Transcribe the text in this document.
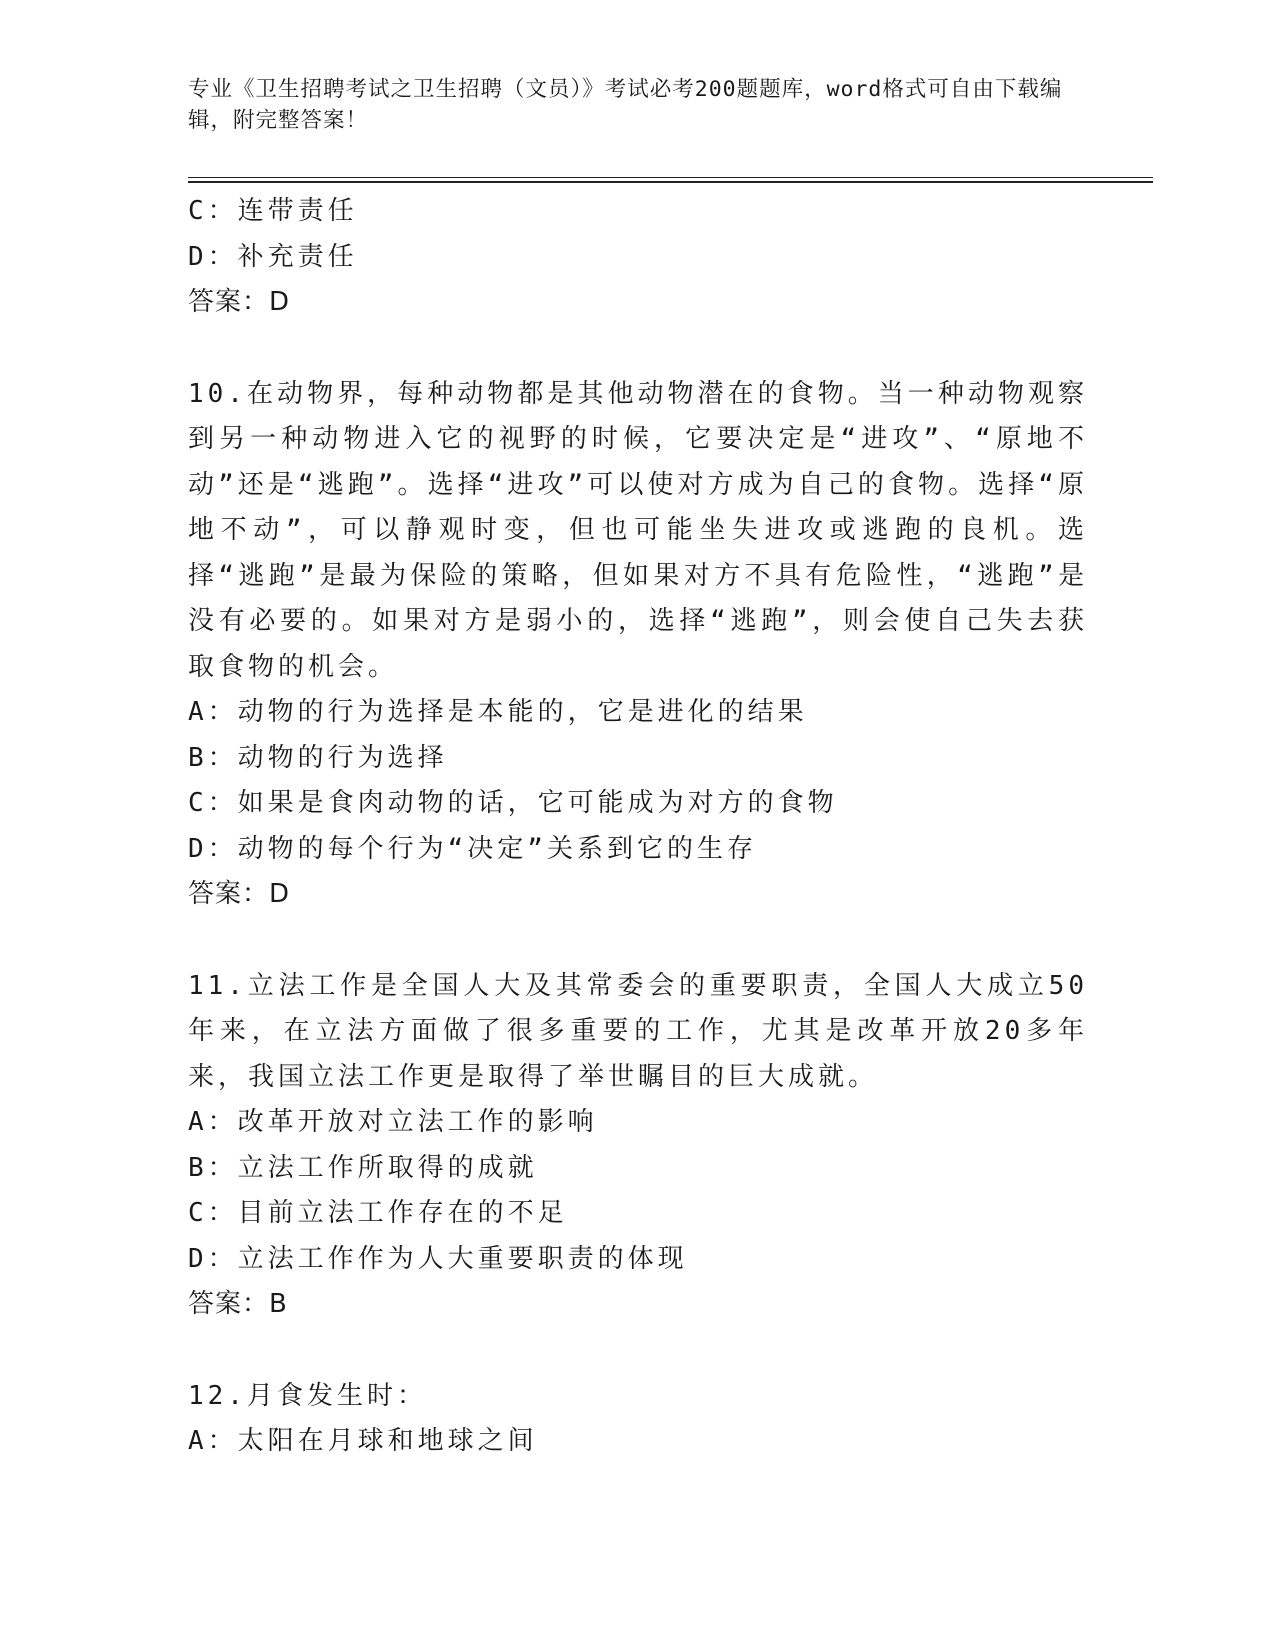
专业《卫生招聘考试之卫生招聘（文员）》考试必考200题题库，word格式可自由下载编辑，附完整答案！

C：连带责任

D：补充责任

答案：D

10.在动物界，每种动物都是其他动物潜在的食物。当一种动物观察到另一种动物进入它的视野的时候，它要决定是“进攻”、“原地不动”还是“逃跑”。选择“进攻”可以使对方成为自己的食物。选择“原地不动”，可以静观时变，但也可能坐失进攻或逃跑的良机。选择“逃跑”是最为保险的策略，但如果对方不具有危险性，“逃跑”是没有必要的。如果对方是弱小的，选择“逃跑”，则会使自己失去获取食物的机会。

A：动物的行为选择是本能的，它是进化的结果

B：动物的行为选择

C：如果是食肉动物的话，它可能成为对方的食物

D：动物的每个行为“决定”关系到它的生存

答案：D

11.立法工作是全国人大及其常委会的重要职责，全国人大成立50年来，在立法方面做了很多重要的工作，尤其是改革开放20多年来，我国立法工作更是取得了举世瞩目的巨大成就。

A：改革开放对立法工作的影响

B：立法工作所取得的成就

C：目前立法工作存在的不足

D：立法工作作为人大重要职责的体现

答案：B

12.月食发生时：

A：太阳在月球和地球之间
